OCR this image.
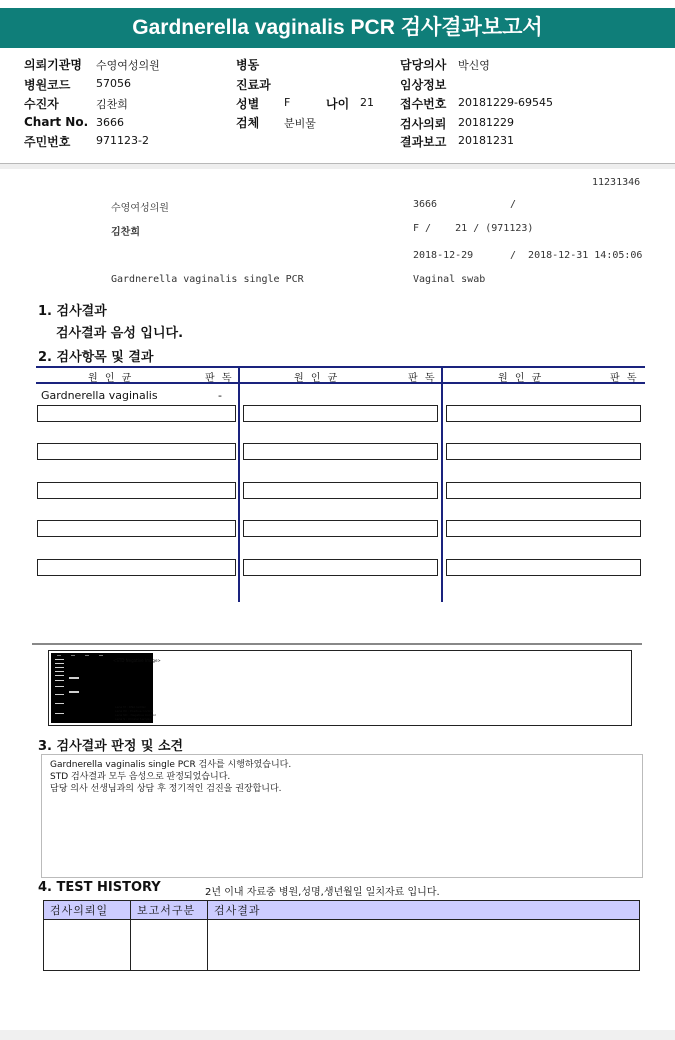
Gardnerella vaginalis PCR 검사결과보고서
의뢰기관명 수영여성의원
병원코드 57056
수진자	김찬희
Chart No. 3666
주민번호 971123-2
병동
진료과
성별 F	나이 21
검체 분비물
담당의사 박신영
임상정보
접수번호 20181229-69545
검사의뢰 20181229
결과보고 20181231
11231346
수영여성의원	3666	/
김찬희	F /    21 / (971123)
2018-12-29	/  2018-12-31 14:05:06
Gardnerella vaginalis single PCR	Vaginal swab
1. 검사결과
검사결과 음성 입니다.
2. 검사항목 및 결과
원 인 균	판 독	원 인 균	판 독	원 인 균	판 독
Gardnerella vaginalis	-
<STD Negative Image>
Lane M : DNA ladder
Lane PC : Positive Control
Lane NC : Negative Control
Lane S : Clinical Sample
3. 검사결과 판정 및 소견
Gardnerella vaginalis single PCR 검사를 시행하였습니다.
STD 검사결과 모두 음성으로 판정되었습니다.
담당 의사 선생님과의 상담 후 정기적인 검진을 권장합니다.
4. TEST HISTORY	2년 이내 자료중 병원,성명,생년월일 일치자료 입니다.
검사의뢰일	보고서구분	검사결과
